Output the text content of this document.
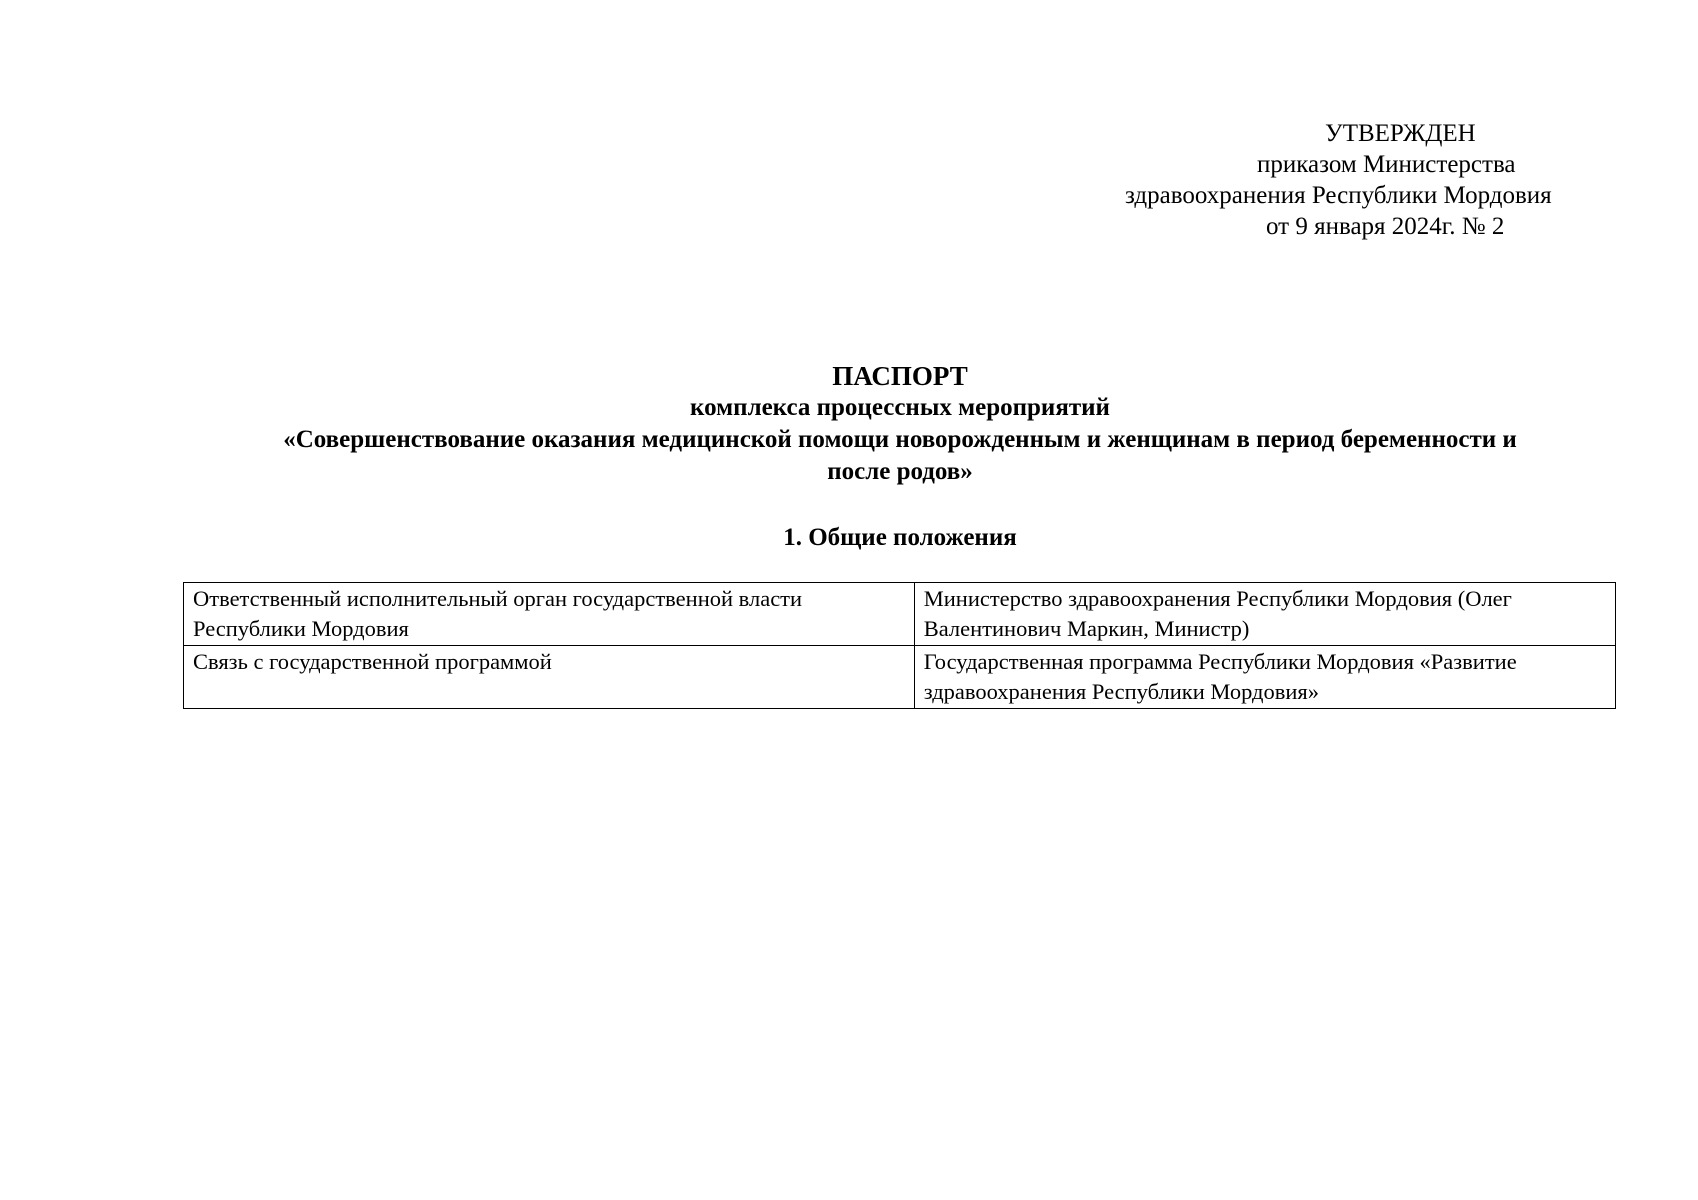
УТВЕРЖДЕН
приказом Министерства
здравоохранения Республики Мордовия
от 9 января 2024г. № 2
ПАСПОРТ
комплекса процессных мероприятий
«Совершенствование оказания медицинской помощи новорожденным и женщинам в период беременности и
после родов»
1. Общие положения
Ответственный исполнительный орган государственной власти Республики Мордовия	Министерство здравоохранения Республики Мордовия (Олег Валентинович Маркин, Министр)
Связь с государственной программой	Государственная программа Республики Мордовия «Развитие здравоохранения Республики Мордовия»
